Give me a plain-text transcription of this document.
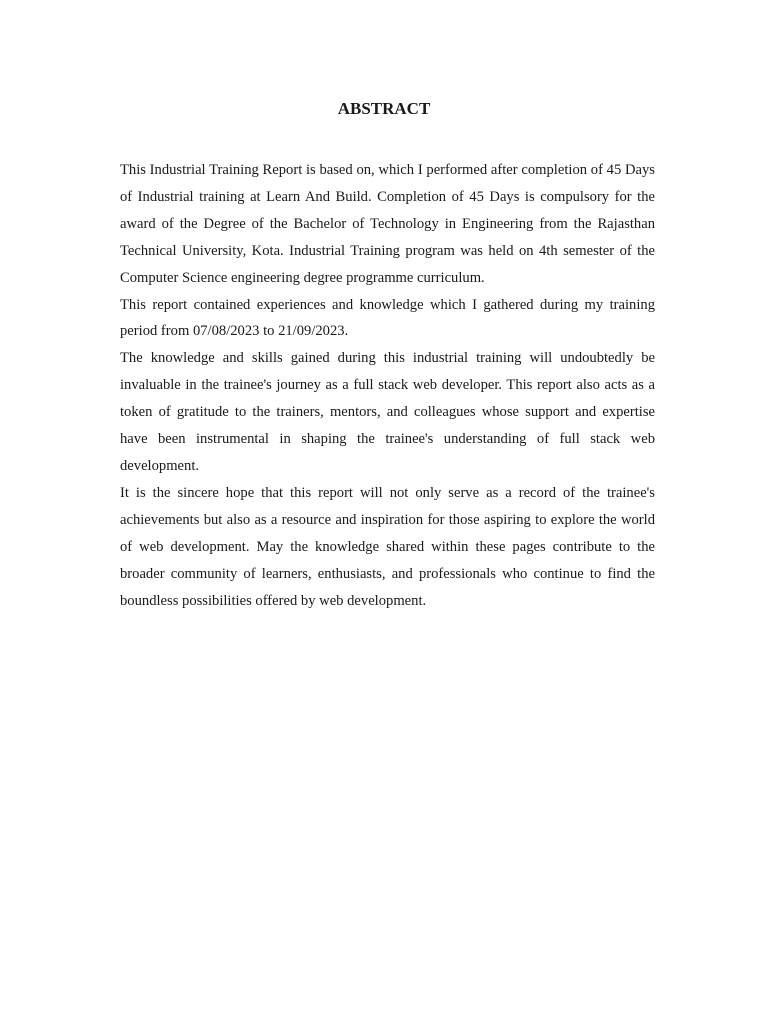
ABSTRACT

This Industrial Training Report is based on, which I performed after completion of 45 Days of Industrial training at Learn And Build. Completion of 45 Days is compulsory for the award of the Degree of the Bachelor of Technology in Engineering from the Rajasthan Technical University, Kota. Industrial Training program was held on 4th semester of the Computer Science engineering degree programme curriculum.

This report contained experiences and knowledge which I gathered during my training period from 07/08/2023 to 21/09/2023.

The knowledge and skills gained during this industrial training will undoubtedly be invaluable in the trainee's journey as a full stack web developer. This report also acts as a token of gratitude to the trainers, mentors, and colleagues whose support and expertise have been instrumental in shaping the trainee's understanding of full stack web development.

It is the sincere hope that this report will not only serve as a record of the trainee's achievements but also as a resource and inspiration for those aspiring to explore the world of web development. May the knowledge shared within these pages contribute to the broader community of learners, enthusiasts, and professionals who continue to find the boundless possibilities offered by web development.
